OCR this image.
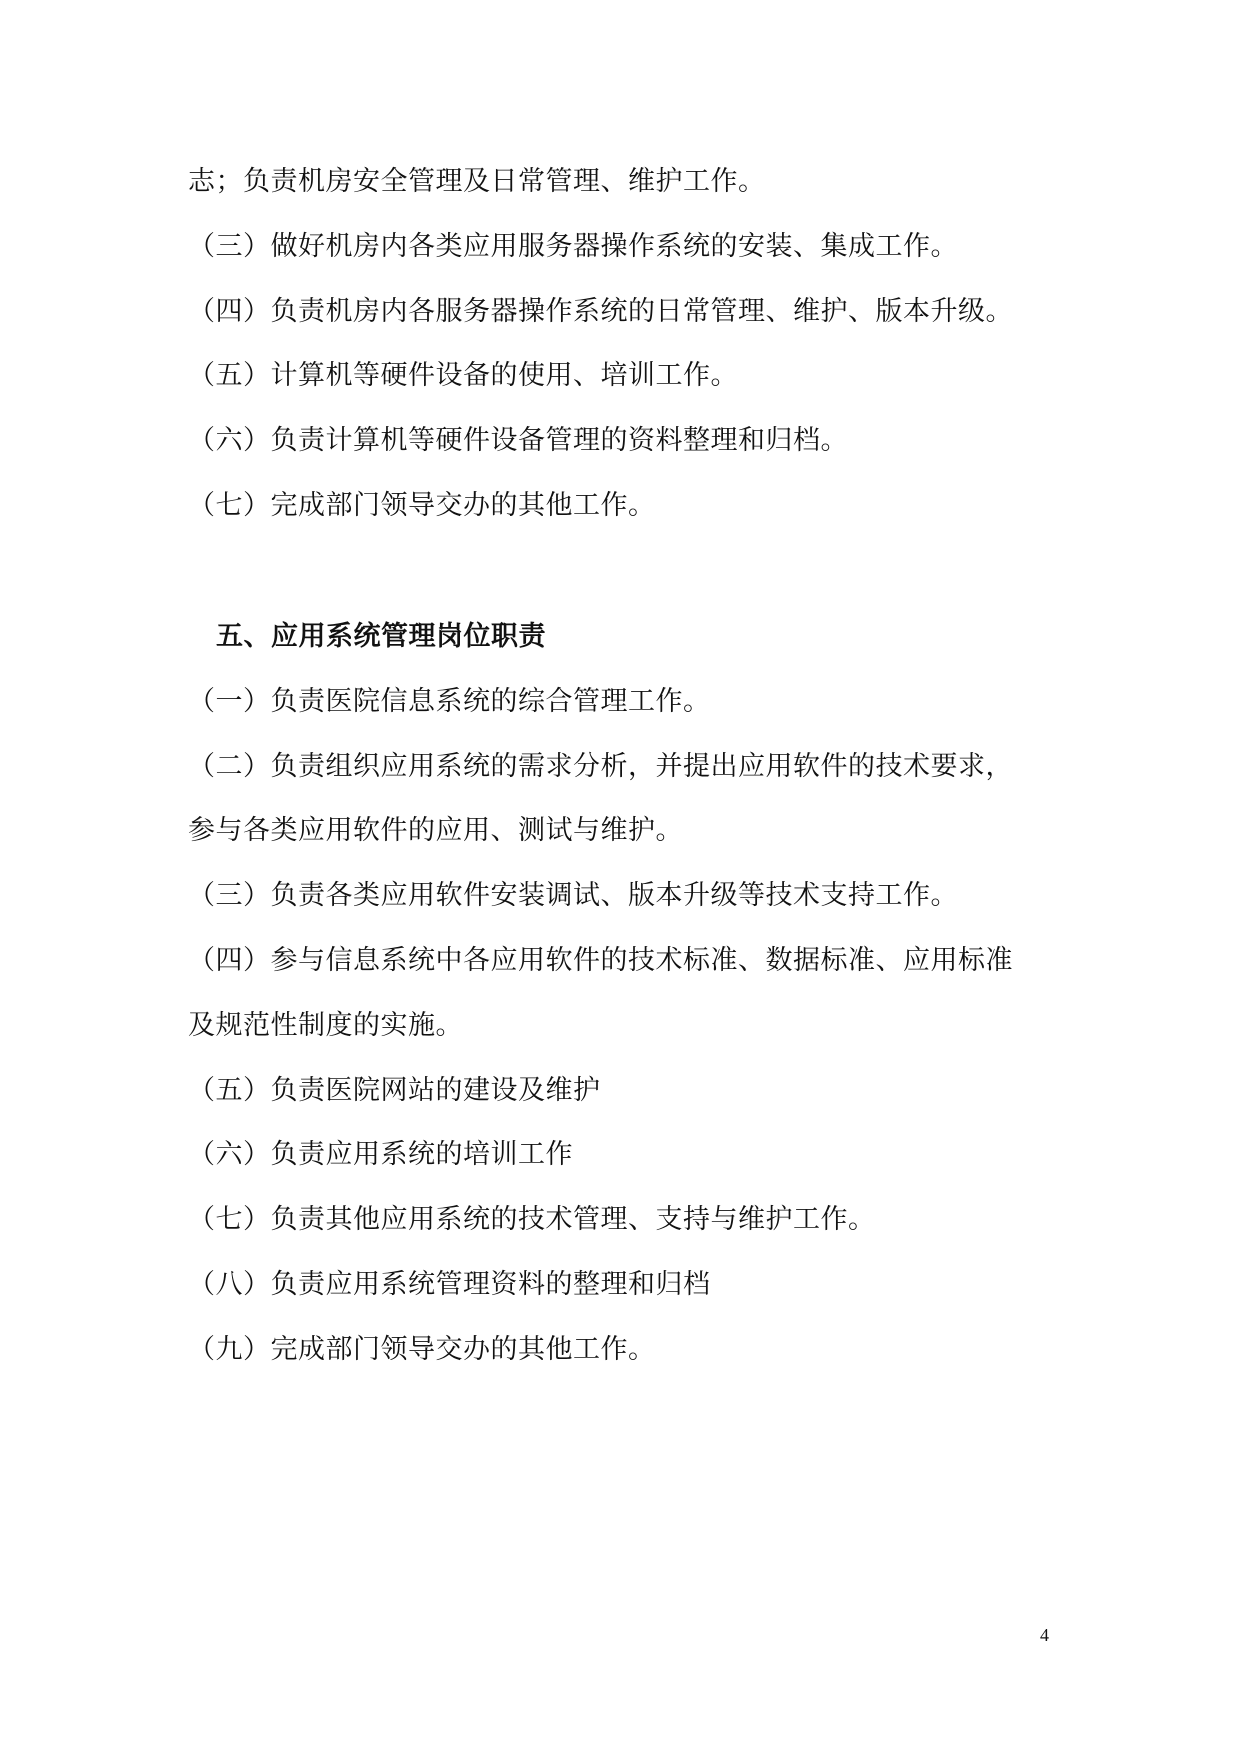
志；负责机房安全管理及日常管理、维护工作。
（三）做好机房内各类应用服务器操作系统的安装、集成工作。
（四）负责机房内各服务器操作系统的日常管理、维护、版本升级。
（五）计算机等硬件设备的使用、培训工作。
（六）负责计算机等硬件设备管理的资料整理和归档。
（七）完成部门领导交办的其他工作。
五、应用系统管理岗位职责
（一）负责医院信息系统的综合管理工作。
（二）负责组织应用系统的需求分析，并提出应用软件的技术要求，
参与各类应用软件的应用、测试与维护。
（三）负责各类应用软件安装调试、版本升级等技术支持工作。
（四）参与信息系统中各应用软件的技术标准、数据标准、应用标准
及规范性制度的实施。
（五）负责医院网站的建设及维护
（六）负责应用系统的培训工作
（七）负责其他应用系统的技术管理、支持与维护工作。
（八）负责应用系统管理资料的整理和归档
（九）完成部门领导交办的其他工作。
4
